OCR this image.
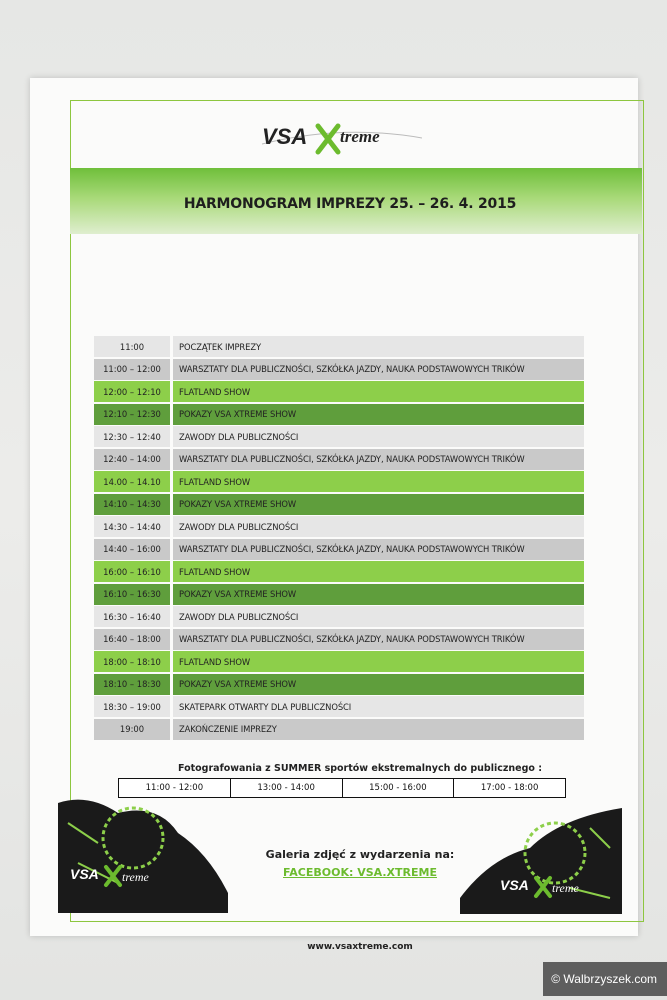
VSA treme
HARMONOGRAM IMPREZY 25. – 26. 4. 2015
11:00	POCZĄTEK IMPREZY
11:00 – 12:00	WARSZTATY DLA PUBLICZNOŚCI, SZKÓŁKA JAZDY, NAUKA PODSTAWOWYCH TRIKÓW
12:00 – 12:10	FLATLAND SHOW
12:10 – 12:30	POKAZY VSA XTREME SHOW
12:30 – 12:40	ZAWODY DLA PUBLICZNOŚCI
12:40 – 14:00	WARSZTATY DLA PUBLICZNOŚCI, SZKÓŁKA JAZDY, NAUKA PODSTAWOWYCH TRIKÓW
14.00 – 14.10	FLATLAND SHOW
14:10 – 14:30	POKAZY VSA XTREME SHOW
14:30 – 14:40	ZAWODY DLA PUBLICZNOŚCI
14:40 – 16:00	WARSZTATY DLA PUBLICZNOŚCI, SZKÓŁKA JAZDY, NAUKA PODSTAWOWYCH TRIKÓW
16:00 – 16:10	FLATLAND SHOW
16:10 – 16:30	POKAZY VSA XTREME SHOW
16:30 – 16:40	ZAWODY DLA PUBLICZNOŚCI
16:40 – 18:00	WARSZTATY DLA PUBLICZNOŚCI, SZKÓŁKA JAZDY, NAUKA PODSTAWOWYCH TRIKÓW
18:00 – 18:10	FLATLAND SHOW
18:10 – 18:30	POKAZY VSA XTREME SHOW
18:30 – 19:00	SKATEPARK OTWARTY DLA PUBLICZNOŚCI
19:00	ZAKOŃCZENIE IMPREZY
Fotografowania z SUMMER sportów ekstremalnych do publicznego :
11:00 - 12:00	13:00 - 14:00	15:00 - 16:00	17:00 - 18:00
Galeria zdjęć z wydarzenia na:
FACEBOOK: VSA.XTREME
www.vsaxtreme.com
VSA treme	VSA treme
© Walbrzyszek.com
